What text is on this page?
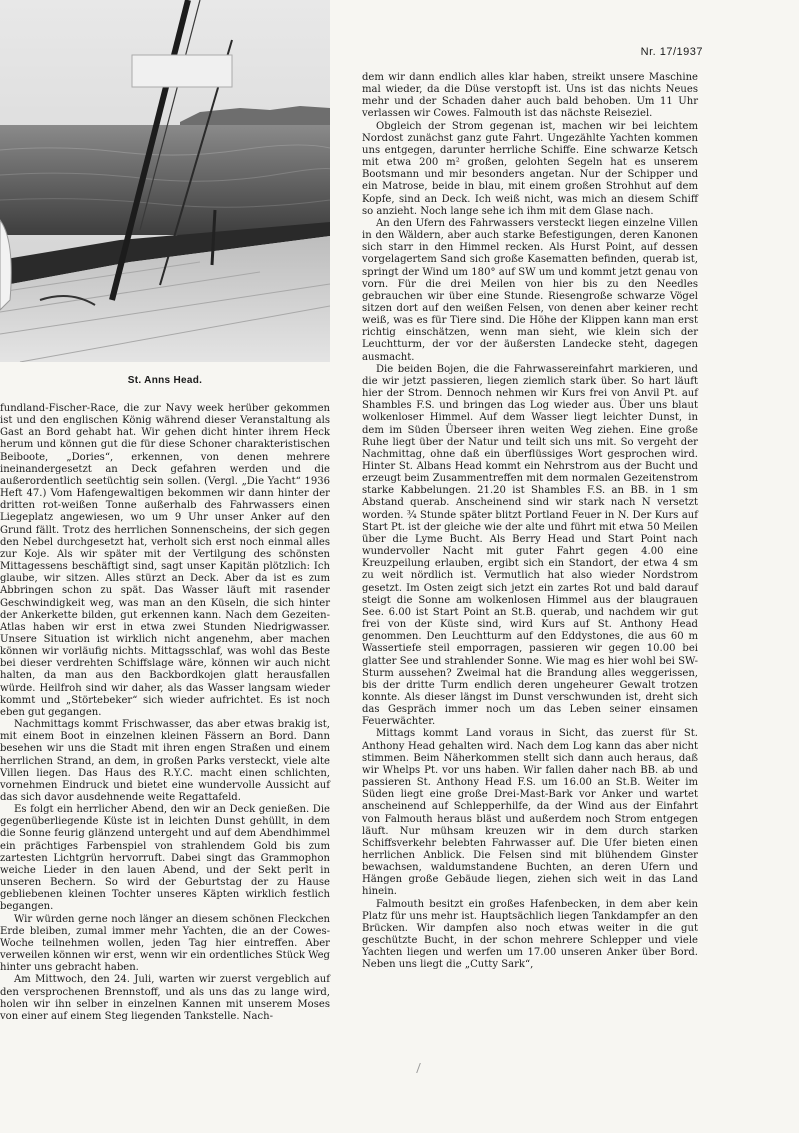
St. Anns Head.
Nr. 17/1937

fundland-Fischer-Race, die zur Navy week herüber gekommen ist und den englischen König während dieser Veranstaltung als Gast an Bord gehabt hat. Wir gehen dicht hinter ihrem Heck herum und können gut die für diese Schoner charakteristischen Beiboote, „Dories“, erkennen, von denen mehrere ineinandergesetzt an Deck gefahren werden und die außerordentlich seetüchtig sein sollen. (Vergl. „Die Yacht“ 1936 Heft 47.) Vom Hafengewaltigen bekommen wir dann hinter der dritten rot-weißen Tonne außerhalb des Fahrwassers einen Liegeplatz angewiesen, wo um 9 Uhr unser Anker auf den Grund fällt. Trotz des herrlichen Sonnenscheins, der sich gegen den Nebel durchgesetzt hat, verholt sich erst noch einmal alles zur Koje. Als wir später mit der Vertilgung des schönsten Mittagessens beschäftigt sind, sagt unser Kapitän plötzlich: Ich glaube, wir sitzen. Alles stürzt an Deck. Aber da ist es zum Abbringen schon zu spät. Das Wasser läuft mit rasender Geschwindigkeit weg, was man an den Küseln, die sich hinter der Ankerkette bilden, gut erkennen kann. Nach dem Gezeiten-Atlas haben wir erst in etwa zwei Stunden Niedrigwasser. Unsere Situation ist wirklich nicht angenehm, aber machen können wir vorläufig nichts. Mittagsschlaf, was wohl das Beste bei dieser verdrehten Schiffslage wäre, können wir auch nicht halten, da man aus den Backbordkojen glatt herausfallen würde. Heilfroh sind wir daher, als das Wasser langsam wieder kommt und „Störtebeker“ sich wieder aufrichtet. Es ist noch eben gut gegangen.

Nachmittags kommt Frischwasser, das aber etwas brakig ist, mit einem Boot in einzelnen kleinen Fässern an Bord. Dann besehen wir uns die Stadt mit ihren engen Straßen und einem herrlichen Strand, an dem, in großen Parks versteckt, viele alte Villen liegen. Das Haus des R.Y.C. macht einen schlichten, vornehmen Eindruck und bietet eine wundervolle Aussicht auf das sich davor ausdehnende weite Regattafeld.

Es folgt ein herrlicher Abend, den wir an Deck genießen. Die gegenüberliegende Küste ist in leichten Dunst gehüllt, in dem die Sonne feurig glänzend untergeht und auf dem Abendhimmel ein prächtiges Farbenspiel von strahlendem Gold bis zum zartesten Lichtgrün hervorruft. Dabei singt das Grammophon weiche Lieder in den lauen Abend, und der Sekt perlt in unseren Bechern. So wird der Geburtstag der zu Hause gebliebenen kleinen Tochter unseres Käpten wirklich festlich begangen.

Wir würden gerne noch länger an diesem schönen Fleckchen Erde bleiben, zumal immer mehr Yachten, die an der Cowes-Woche teilnehmen wollen, jeden Tag hier eintreffen. Aber verweilen können wir erst, wenn wir ein ordentliches Stück Weg hinter uns gebracht haben.

Am Mittwoch, den 24. Juli, warten wir zuerst vergeblich auf den versprochenen Brennstoff, und als uns das zu lange wird, holen wir ihn selber in einzelnen Kannen mit unserem Moses von einer auf einem Steg liegenden Tankstelle. Nach-

dem wir dann endlich alles klar haben, streikt unsere Maschine mal wieder, da die Düse verstopft ist. Uns ist das nichts Neues mehr und der Schaden daher auch bald behoben. Um 11 Uhr verlassen wir Cowes. Falmouth ist das nächste Reiseziel.

Obgleich der Strom gegenan ist, machen wir bei leichtem Nordost zunächst ganz gute Fahrt. Ungezählte Yachten kommen uns entgegen, darunter herrliche Schiffe. Eine schwarze Ketsch mit etwa 200 m² großen, gelohten Segeln hat es unserem Bootsmann und mir besonders angetan. Nur der Schipper und ein Matrose, beide in blau, mit einem großen Strohhut auf dem Kopfe, sind an Deck. Ich weiß nicht, was mich an diesem Schiff so anzieht. Noch lange sehe ich ihm mit dem Glase nach.

An den Ufern des Fahrwassers versteckt liegen einzelne Villen in den Wäldern, aber auch starke Befestigungen, deren Kanonen sich starr in den Himmel recken. Als Hurst Point, auf dessen vorgelagertem Sand sich große Kasematten befinden, querab ist, springt der Wind um 180° auf SW um und kommt jetzt genau von vorn. Für die drei Meilen von hier bis zu den Needles gebrauchen wir über eine Stunde. Riesengroße schwarze Vögel sitzen dort auf den weißen Felsen, von denen aber keiner recht weiß, was es für Tiere sind. Die Höhe der Klippen kann man erst richtig einschätzen, wenn man sieht, wie klein sich der Leuchtturm, der vor der äußersten Landecke steht, dagegen ausmacht.

Die beiden Bojen, die die Fahrwassereinfahrt markieren, und die wir jetzt passieren, liegen ziemlich stark über. So hart läuft hier der Strom. Dennoch nehmen wir Kurs frei von Anvil Pt. auf Shambles F.S. und bringen das Log wieder aus. Über uns blaut wolkenloser Himmel. Auf dem Wasser liegt leichter Dunst, in dem im Süden Überseer ihren weiten Weg ziehen. Eine große Ruhe liegt über der Natur und teilt sich uns mit. So vergeht der Nachmittag, ohne daß ein überflüssiges Wort gesprochen wird. Hinter St. Albans Head kommt ein Nehrstrom aus der Bucht und erzeugt beim Zusammentreffen mit dem normalen Gezeitenstrom starke Kabbelungen. 21.20 ist Shambles F.S. an BB. in 1 sm Abstand querab. Anscheinend sind wir stark nach N versetzt worden. ¾ Stunde später blitzt Portland Feuer in N. Der Kurs auf Start Pt. ist der gleiche wie der alte und führt mit etwa 50 Meilen über die Lyme Bucht. Als Berry Head und Start Point nach wundervoller Nacht mit guter Fahrt gegen 4.00 eine Kreuzpeilung erlauben, ergibt sich ein Standort, der etwa 4 sm zu weit nördlich ist. Vermutlich hat also wieder Nordstrom gesetzt. Im Osten zeigt sich jetzt ein zartes Rot und bald darauf steigt die Sonne am wolkenlosen Himmel aus der blaugrauen See. 6.00 ist Start Point an St.B. querab, und nachdem wir gut frei von der Küste sind, wird Kurs auf St. Anthony Head genommen. Den Leuchtturm auf den Eddystones, die aus 60 m Wassertiefe steil emporragen, passieren wir gegen 10.00 bei glatter See und strahlender Sonne. Wie mag es hier wohl bei SW-Sturm aussehen? Zweimal hat die Brandung alles weggerissen, bis der dritte Turm endlich deren ungeheurer Gewalt trotzen konnte. Als dieser längst im Dunst verschwunden ist, dreht sich das Gespräch immer noch um das Leben seiner einsamen Feuerwächter.

Mittags kommt Land voraus in Sicht, das zuerst für St. Anthony Head gehalten wird. Nach dem Log kann das aber nicht stimmen. Beim Näherkommen stellt sich dann auch heraus, daß wir Whelps Pt. vor uns haben. Wir fallen daher nach BB. ab und passieren St. Anthony Head F.S. um 16.00 an St.B. Weiter im Süden liegt eine große Drei-Mast-Bark vor Anker und wartet anscheinend auf Schlepperhilfe, da der Wind aus der Einfahrt von Falmouth heraus bläst und außerdem noch Strom entgegen läuft. Nur mühsam kreuzen wir in dem durch starken Schiffsverkehr belebten Fahrwasser auf. Die Ufer bieten einen herrlichen Anblick. Die Felsen sind mit blühendem Ginster bewachsen, waldumstandene Buchten, an deren Ufern und Hängen große Gebäude liegen, ziehen sich weit in das Land hinein.

Falmouth besitzt ein großes Hafenbecken, in dem aber kein Platz für uns mehr ist. Hauptsächlich liegen Tankdampfer an den Brücken. Wir dampfen also noch etwas weiter in die gut geschützte Bucht, in der schon mehrere Schlepper und viele Yachten liegen und werfen um 17.00 unseren Anker über Bord. Neben uns liegt die „Cutty Sark“,
